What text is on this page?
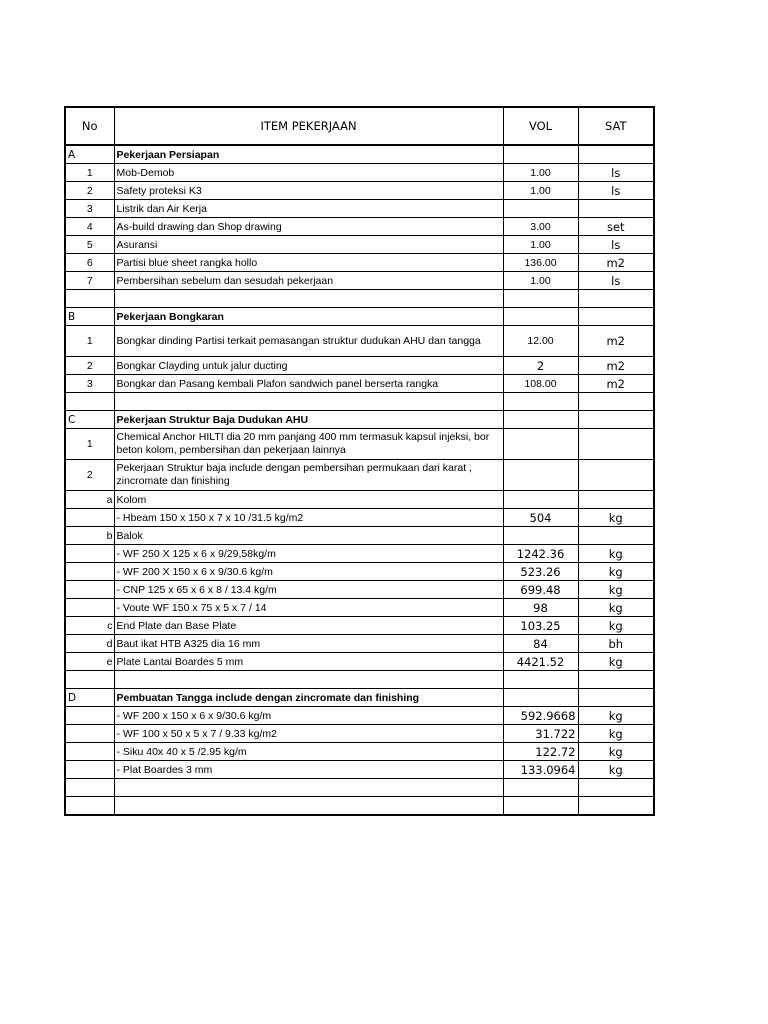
No	ITEM PEKERJAAN	VOL	SAT
A	Pekerjaan Persiapan		
1	Mob-Demob	1.00	ls
2	Safety proteksi K3	1.00	ls
3	Listrik dan Air Kerja		
4	As-build drawing dan Shop drawing	3.00	set
5	Asuransi	1.00	ls
6	Partisi blue sheet rangka hollo	136.00	m2
7	Pembersihan sebelum dan sesudah pekerjaan	1.00	ls

B	Pekerjaan Bongkaran		
1	Bongkar dinding Partisi terkait pemasangan struktur dudukan AHU dan tangga	12.00	m2
2	Bongkar Clayding untuk jalur ducting	2	m2
3	Bongkar dan Pasang kembali Plafon sandwich panel berserta rangka	108.00	m2

C	Pekerjaan Struktur Baja Dudukan AHU		
1	Chemical Anchor HILTI dia 20 mm panjang 400 mm termasuk kapsul injeksi, bor beton kolom, pembersihan dan pekerjaan lainnya		
2	Pekerjaan Struktur baja include dengan pembersihan permukaan dari karat , zincromate dan finishing		
a	Kolom		
	- Hbeam 150 x 150 x 7 x 10 /31.5 kg/m2	504	kg
b	Balok		
	- WF 250 X 125 x 6 x 9/29,58kg/m	1242.36	kg
	- WF 200 X 150 x 6 x 9/30.6 kg/m	523.26	kg
	- CNP 125 x 65 x 6 x 8 / 13.4 kg/m	699.48	kg
	- Voute WF 150 x 75 x 5 x 7 / 14	98	kg
c	End Plate dan Base Plate	103.25	kg
d	Baut ikat HTB A325 dia 16 mm	84	bh
e	Plate Lantai Boardes 5 mm	4421.52	kg

D	Pembuatan Tangga include dengan zincromate dan finishing		
	- WF 200 x 150 x 6 x 9/30.6 kg/m	592.9668	kg
	- WF 100 x 50 x 5 x 7 / 9.33 kg/m2	31.722	kg
	- Siku 40x 40 x 5 /2.95 kg/m	122.72	kg
	- Plat Boardes 3 mm	133.0964	kg
